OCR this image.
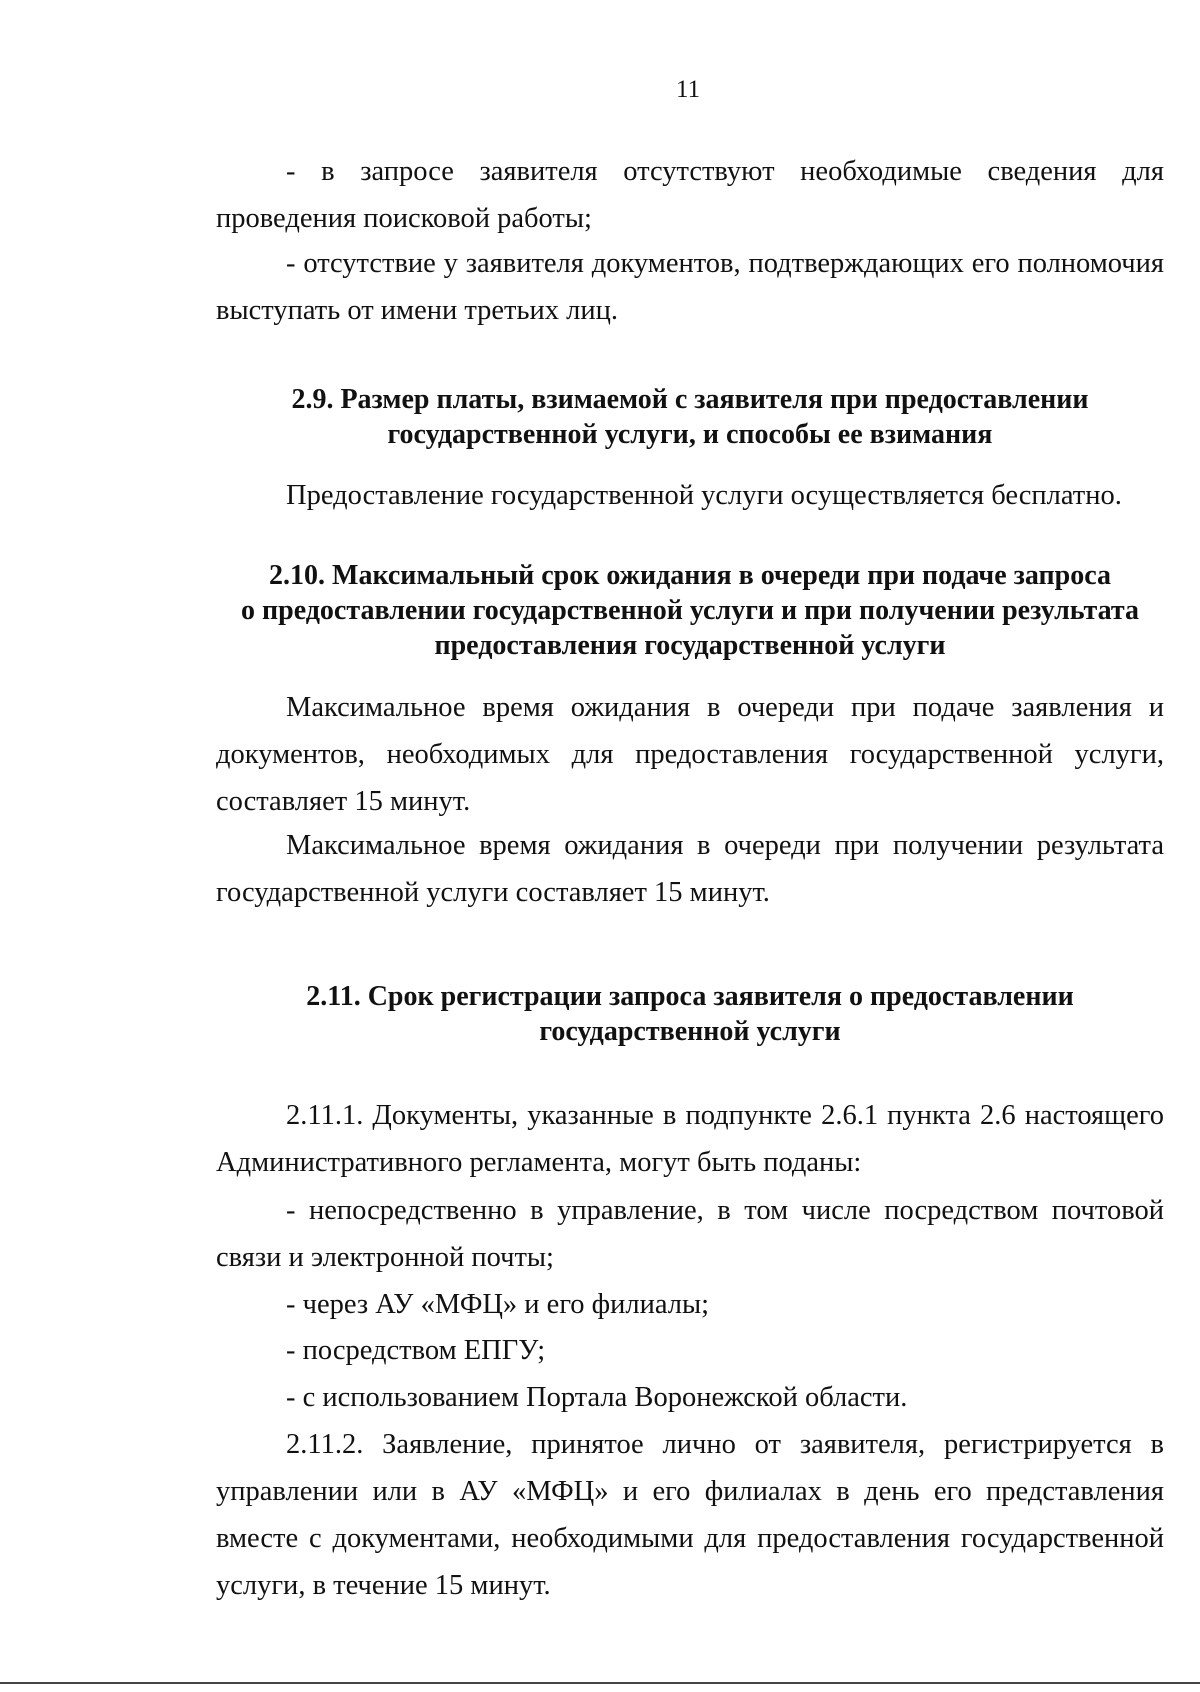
11

- в запросе заявителя отсутствуют необходимые сведения для проведения поисковой работы;

- отсутствие у заявителя документов, подтверждающих его полномочия выступать от имени третьих лиц.

2.9. Размер платы, взимаемой с заявителя при предоставлении
государственной услуги, и способы ее взимания

Предоставление государственной услуги осуществляется бесплатно.

2.10. Максимальный срок ожидания в очереди при подаче запроса
о предоставлении государственной услуги и при получении результата
предоставления государственной услуги

Максимальное время ожидания в очереди при подаче заявления и документов, необходимых для предоставления государственной услуги, составляет 15 минут.

Максимальное время ожидания в очереди при получении результата государственной услуги составляет 15 минут.

2.11. Срок регистрации запроса заявителя о предоставлении
государственной услуги

2.11.1. Документы, указанные в подпункте 2.6.1 пункта 2.6 настоящего Административного регламента, могут быть поданы:

- непосредственно в управление, в том числе посредством почтовой связи и электронной почты;

- через АУ «МФЦ» и его филиалы;

- посредством ЕПГУ;

- с использованием Портала Воронежской области.

2.11.2. Заявление, принятое лично от заявителя, регистрируется в управлении или в АУ «МФЦ» и его филиалах в день его представления вместе с документами, необходимыми для предоставления государственной услуги, в течение 15 минут.
